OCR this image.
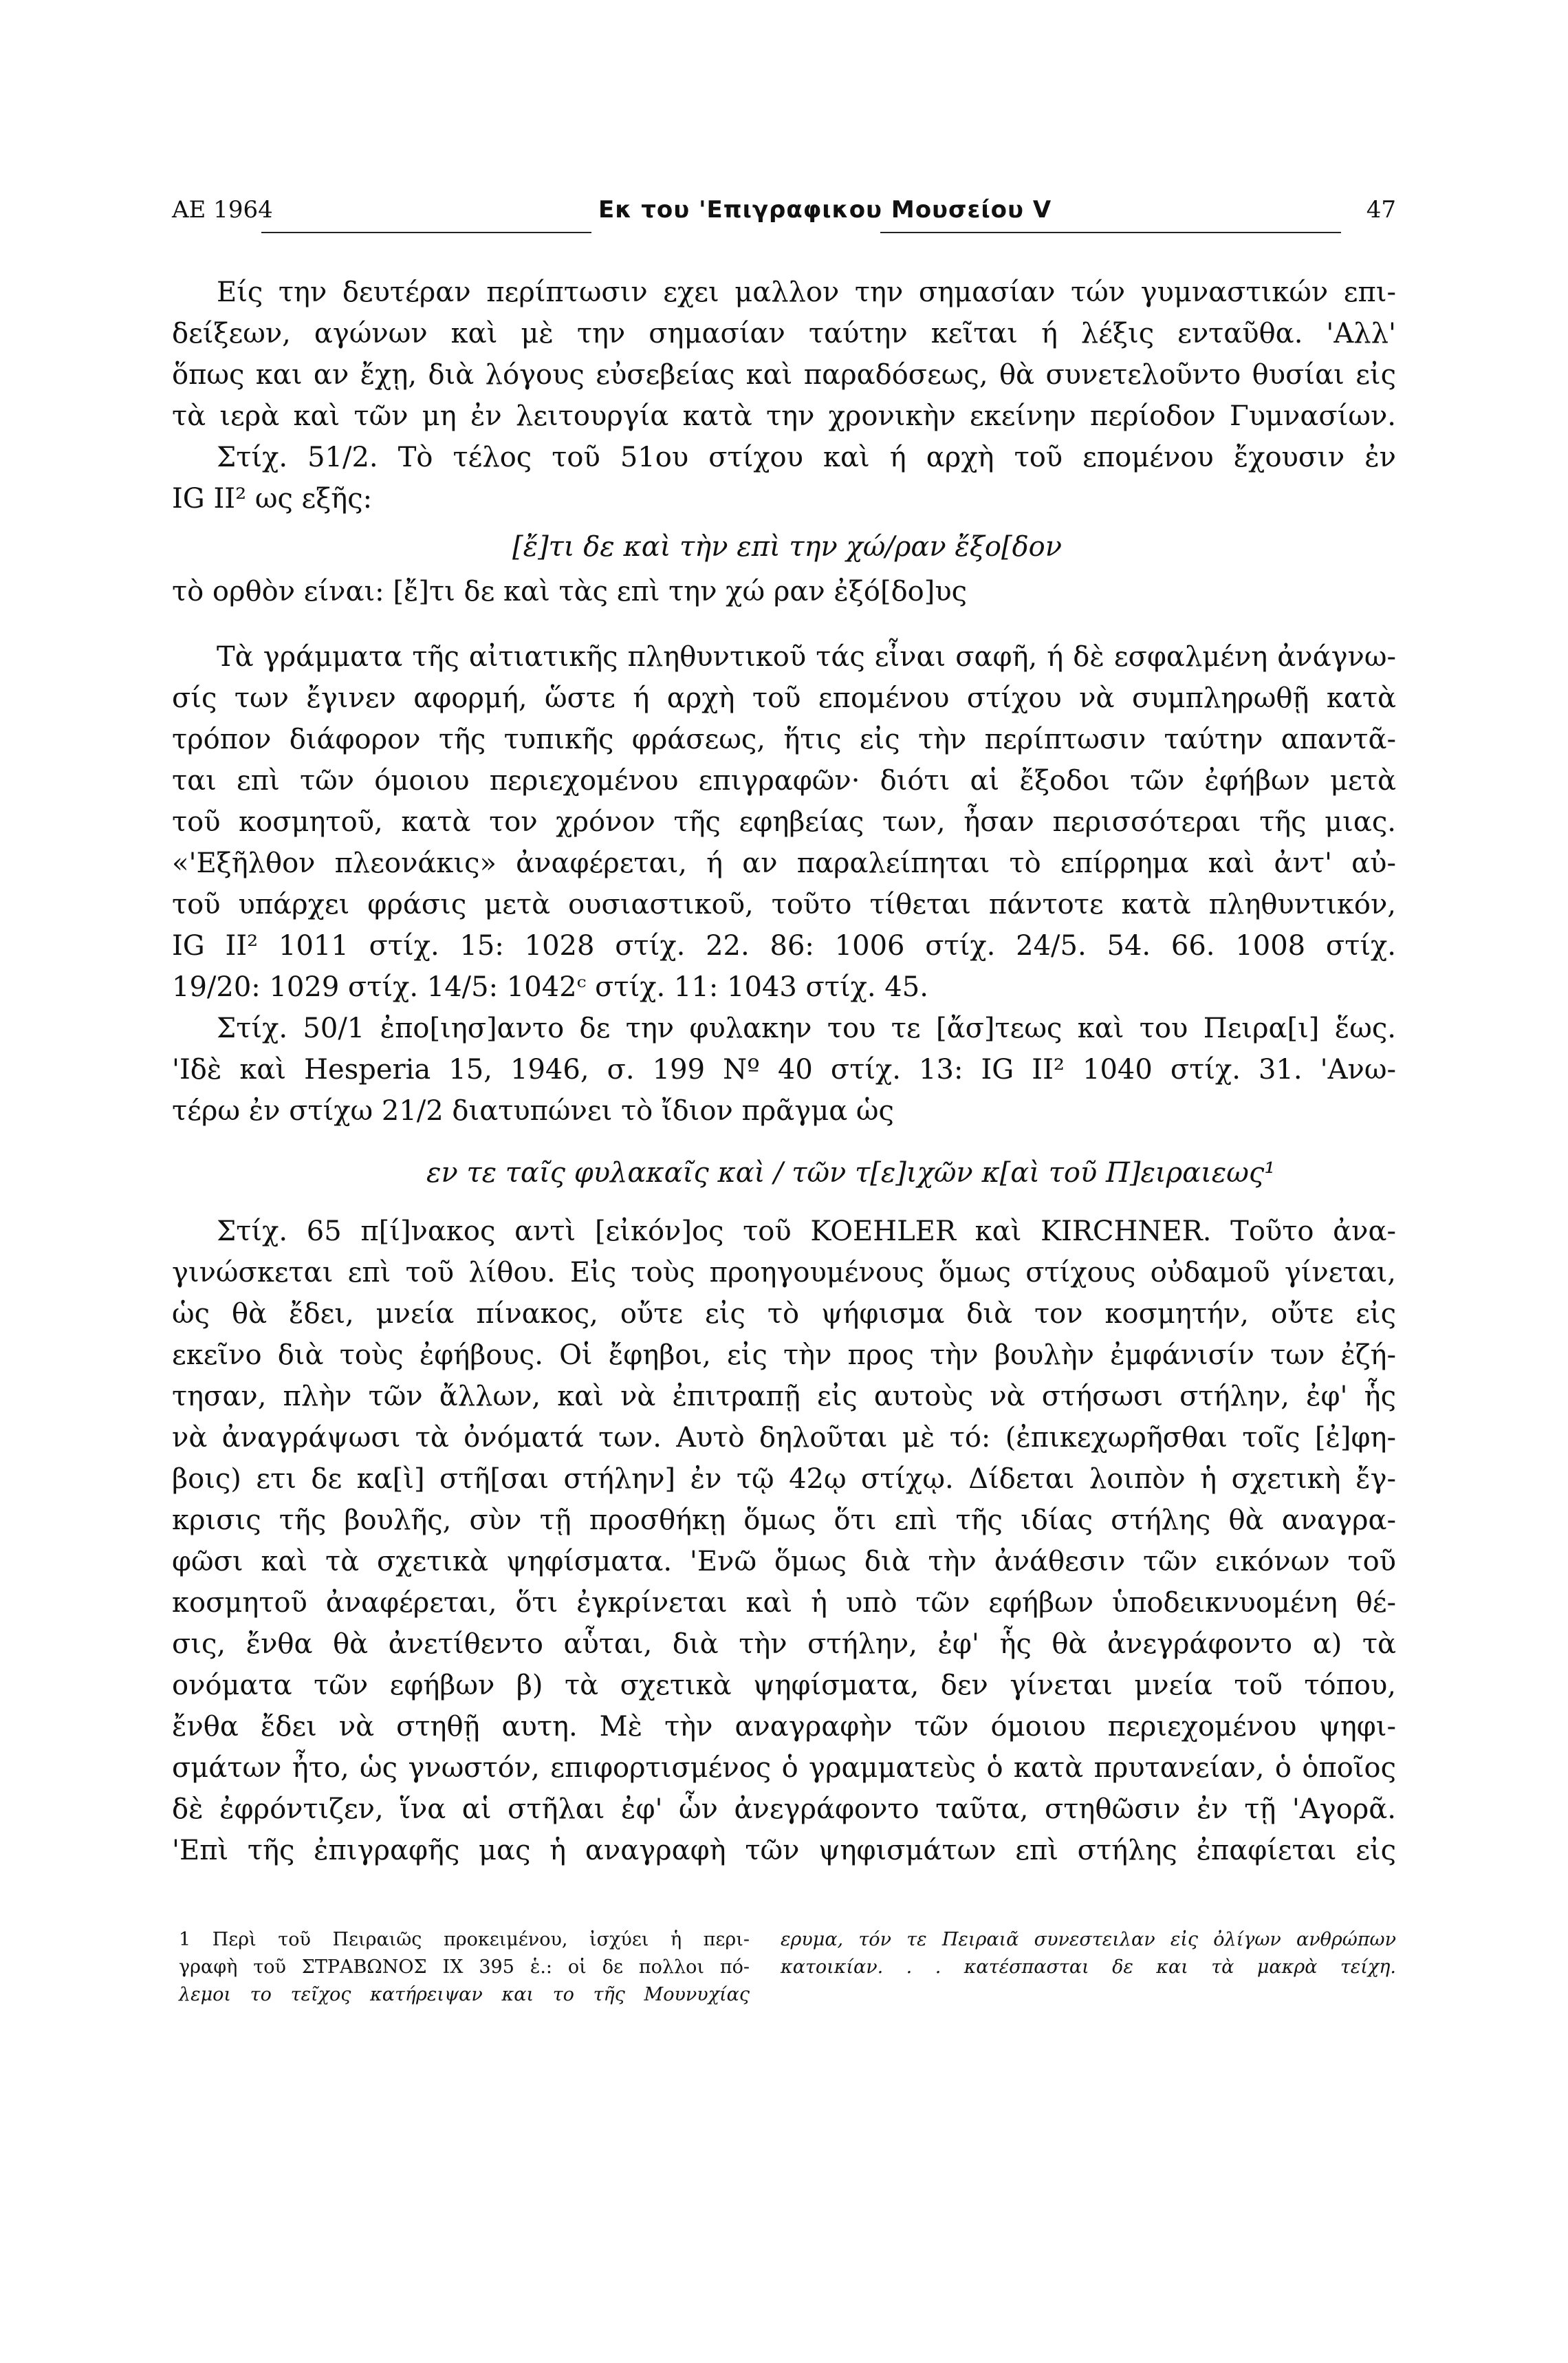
ΑΕ 1964	Εκ του 'Επιγραφικου Μουσείου V	47
Είς την δευτέραν περίπτωσιν εχει μαλλον την σημασίαν τών γυμναστικών επι-
δείξεων, αγώνων καὶ μὲ την σημασίαν ταύτην κεῖται ή λέξις ενταῦθα. 'Αλλ'
ὅπως και αν ἔχῃ, διὰ λόγους εὐσεβείας καὶ παραδόσεως, θὰ συνετελοῦντο θυσίαι εἰς
τὰ ιερὰ καὶ τῶν μη ἐν λειτουργία κατὰ την χρονικὴν εκείνην περίοδον Γυμνασίων.
Στίχ. 51/2. Τὸ τέλος τοῦ 51ου στίχου καὶ ή αρχὴ τοῦ επομένου ἔχουσιν ἐν
IG II² ως εξῆς:
[ἔ]τι δε καὶ τὴν επὶ την χώ/ραν ἔξο[δον
τὸ ορθὸν είναι: [ἔ]τι δε καὶ τὰς επὶ την χώ ραν ἐξό[δο]υς
Τὰ γράμματα τῆς αἰτιατικῆς πληθυντικοῦ τάς εἶναι σαφῆ, ή δὲ εσφαλμένη ἀνάγνω-
σίς των ἔγινεν αφορμή, ὥστε ή αρχὴ τοῦ επομένου στίχου νὰ συμπληρωθῇ κατὰ
τρόπον διάφορον τῆς τυπικῆς φράσεως, ἥτις εἰς τὴν περίπτωσιν ταύτην απαντᾶ-
ται επὶ τῶν όμοιου περιεχομένου επιγραφῶν· διότι αἱ ἔξοδοι τῶν ἐφήβων μετὰ
τοῦ κοσμητοῦ, κατὰ τον χρόνον τῆς εφηβείας των, ἦσαν περισσότεραι τῆς μιας.
«'Εξῆλθον πλεονάκις» ἀναφέρεται, ή αν παραλείπηται τὸ επίρρημα καὶ ἀντ' αὐ-
τοῦ υπάρχει φράσις μετὰ ουσιαστικοῦ, τοῦτο τίθεται πάντοτε κατὰ πληθυντικόν,
IG II² 1011 στίχ. 15: 1028 στίχ. 22. 86: 1006 στίχ. 24/5. 54. 66. 1008 στίχ.
19/20: 1029 στίχ. 14/5: 1042ᶜ στίχ. 11: 1043 στίχ. 45.
Στίχ. 50/1 ἐπο[ιησ]αντο δε την φυλακην του τε [ἄσ]τεως καὶ του Πειρα[ι] ἕως.
'Ιδὲ καὶ Hesperia 15, 1946, σ. 199 Nº 40 στίχ. 13: IG II² 1040 στίχ. 31. 'Ανω-
τέρω ἐν στίχω 21/2 διατυπώνει τὸ ἴδιον πρᾶγμα ὡς
εν τε ταῖς φυλακαῖς καὶ / τῶν τ[ε]ιχῶν κ[αὶ τοῦ Π]ειραιεως¹
Στίχ. 65 π[ί]νακος αντὶ [εἰκόν]ος τοῦ KOEHLER καὶ KIRCHNER. Τοῦτο ἀνα-
γινώσκεται επὶ τοῦ λίθου. Εἰς τοὺς προηγουμένους ὅμως στίχους οὐδαμοῦ γίνεται,
ὡς θὰ ἔδει, μνεία πίνακος, οὔτε εἰς τὸ ψήφισμα διὰ τον κοσμητήν, οὔτε εἰς
εκεῖνο διὰ τοὺς ἐφήβους. Οἱ ἔφηβοι, εἰς τὴν προς τὴν βουλὴν ἐμφάνισίν των ἐζή-
τησαν, πλὴν τῶν ἄλλων, καὶ νὰ ἐπιτραπῇ εἰς αυτοὺς νὰ στήσωσι στήλην, ἐφ' ἧς
νὰ ἀναγράψωσι τὰ ὀνόματά των. Αυτὸ δηλοῦται μὲ τό: (ἐπικεχωρῆσθαι τοῖς [ἐ]φη-
βοις) ετι δε κα[ὶ] στῆ[σαι στήλην] ἐν τῷ 42ῳ στίχῳ. Δίδεται λοιπὸν ἡ σχετικὴ ἔγ-
κρισις τῆς βουλῆς, σὺν τῇ προσθήκῃ ὅμως ὅτι επὶ τῆς ιδίας στήλης θὰ αναγρα-
φῶσι καὶ τὰ σχετικὰ ψηφίσματα. 'Ενῶ ὅμως διὰ τὴν ἀνάθεσιν τῶν εικόνων τοῦ
κοσμητοῦ ἀναφέρεται, ὅτι ἐγκρίνεται καὶ ἡ υπὸ τῶν εφήβων ὑποδεικνυομένη θέ-
σις, ἔνθα θὰ ἀνετίθεντο αὗται, διὰ τὴν στήλην, ἐφ' ἧς θὰ ἀνεγράφοντο α) τὰ
ονόματα τῶν εφήβων β) τὰ σχετικὰ ψηφίσματα, δεν γίνεται μνεία τοῦ τόπου,
ἔνθα ἔδει νὰ στηθῇ αυτη. Μὲ τὴν αναγραφὴν τῶν όμοιου περιεχομένου ψηφι-
σμάτων ἦτο, ὡς γνωστόν, επιφορτισμένος ὁ γραμματεὺς ὁ κατὰ πρυτανείαν, ὁ ὁποῖος
δὲ ἐφρόντιζεν, ἵνα αἱ στῆλαι ἐφ' ὧν ἀνεγράφοντο ταῦτα, στηθῶσιν ἐν τῇ 'Αγορᾶ.
'Επὶ τῆς ἐπιγραφῆς μας ἡ αναγραφὴ τῶν ψηφισμάτων επὶ στήλης ἐπαφίεται εἰς
1 Περὶ τοῦ Πειραιῶς προκειμένου, ἰσχύει ἡ περι-
γραφὴ τοῦ ΣΤΡΑΒΩΝΟΣ IX 395 ἑ.: οἱ δε πολλοι πό-
λεμοι το τεῖχος κατήρειψαν και το τῆς Μουνυχίας
ερυμα, τόν τε Πειραιᾶ συνεστειλαν εἰς ὀλίγων ανθρώπων
κατοικίαν. . . κατέσπασται δε και τὰ μακρὰ τείχη.
